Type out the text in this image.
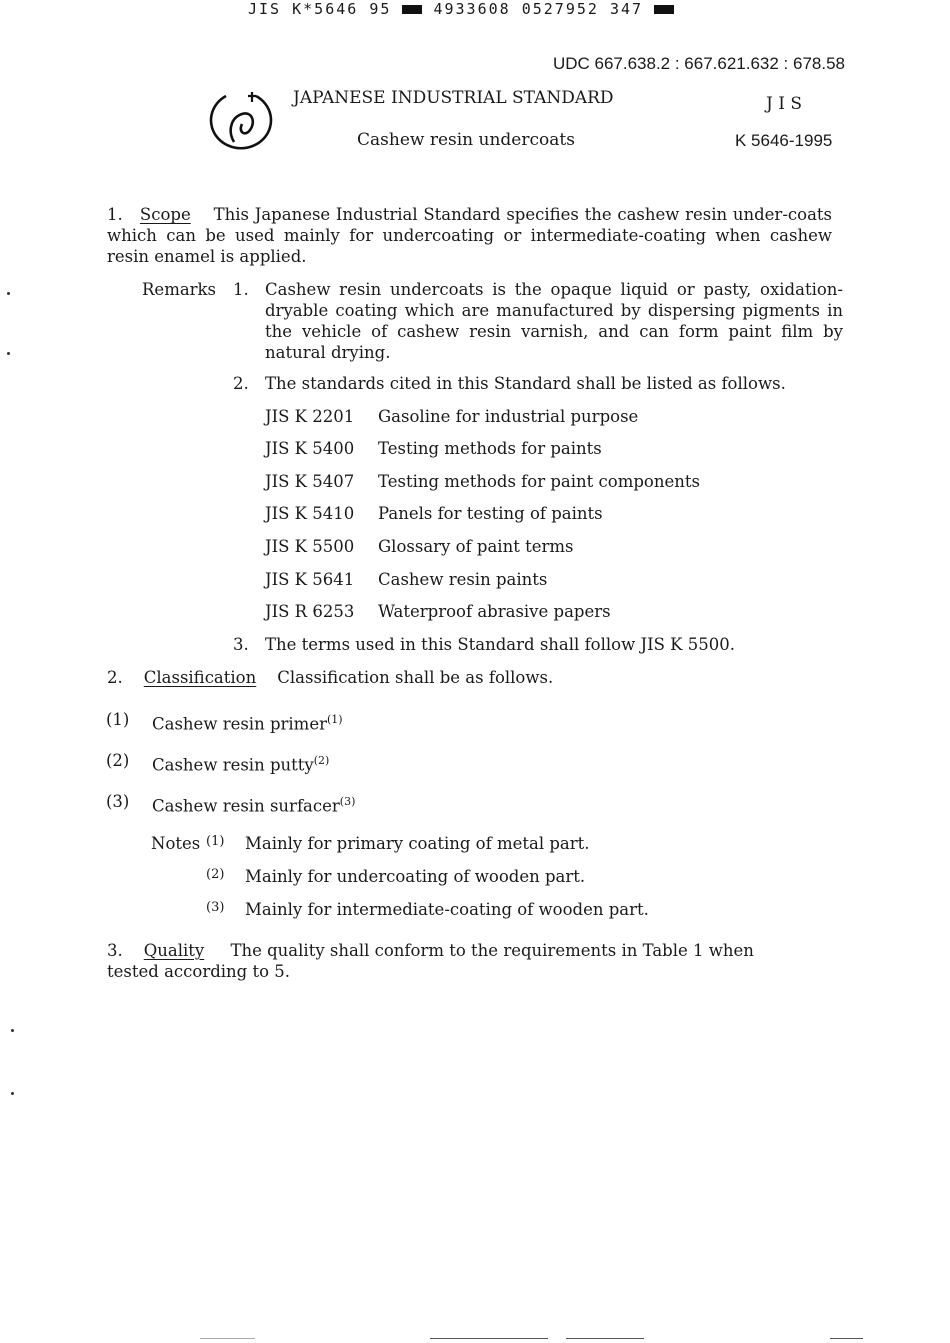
JIS K*5646 95	4933608 0527952 347
UDC 667.638.2 : 667.621.632 : 678.58
JAPANESE INDUSTRIAL STANDARD	J I S
Cashew resin undercoats	K 5646-1995
1. Scope This Japanese Industrial Standard specifies the cashew resin under-coats which can be used mainly for undercoating or intermediate-coating when cashew resin enamel is applied.
Remarks 1. Cashew resin undercoats is the opaque liquid or pasty, oxidation-dryable coating which are manufactured by dispersing pigments in the vehicle of cashew resin varnish, and can form paint film by natural drying.
2. The standards cited in this Standard shall be listed as follows.
JIS K 2201 Gasoline for industrial purpose
JIS K 5400 Testing methods for paints
JIS K 5407 Testing methods for paint components
JIS K 5410 Panels for testing of paints
JIS K 5500 Glossary of paint terms
JIS K 5641 Cashew resin paints
JIS R 6253 Waterproof abrasive papers
3. The terms used in this Standard shall follow JIS K 5500.
2. Classification Classification shall be as follows.
(1) Cashew resin primer$^{(1)}$
(2) Cashew resin putty$^{(2)}$
(3) Cashew resin surfacer$^{(3)}$
Notes (1) Mainly for primary coating of metal part.
(2) Mainly for undercoating of wooden part.
(3) Mainly for intermediate-coating of wooden part.
3. Quality The quality shall conform to the requirements in Table 1 when tested according to 5.
